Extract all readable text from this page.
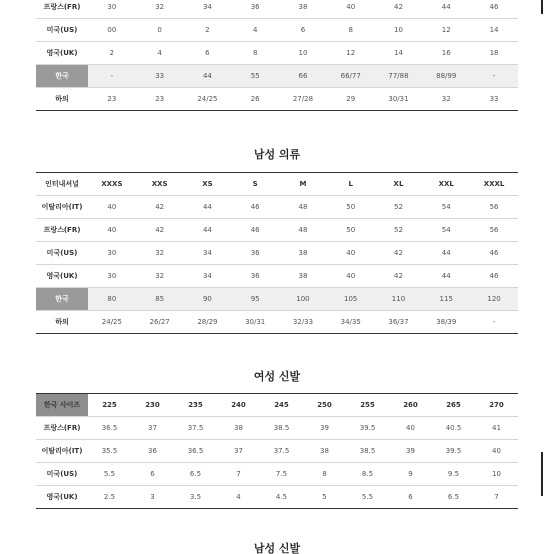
프랑스(FR)	30	32	34	36	38	40	42	44	46
미국(US)	00	0	2	4	6	8	10	12	14
영국(UK)	2	4	6	8	10	12	14	16	18
한국	-	33	44	55	66	66/77	77/88	88/99	-
하의	23	23	24/25	26	27/28	29	30/31	32	33
남성 의류
인터내셔널	XXXS	XXS	XS	S	M	L	XL	XXL	XXXL
이탈리아(IT)	40	42	44	46	48	50	52	54	56
프랑스(FR)	40	42	44	46	48	50	52	54	56
미국(US)	30	32	34	36	38	40	42	44	46
영국(UK)	30	32	34	36	38	40	42	44	46
한국	80	85	90	95	100	105	110	115	120
하의	24/25	26/27	28/29	30/31	32/33	34/35	36/37	38/39	-
여성 신발
한국 사이즈	225	230	235	240	245	250	255	260	265	270
프랑스(FR)	36.5	37	37.5	38	38.5	39	39.5	40	40.5	41
이탈리아(IT)	35.5	36	36.5	37	37.5	38	38.5	39	39.5	40
미국(US)	5.5	6	6.5	7	7.5	8	8.5	9	9.5	10
영국(UK)	2.5	3	3.5	4	4.5	5	5.5	6	6.5	7
남성 신발
